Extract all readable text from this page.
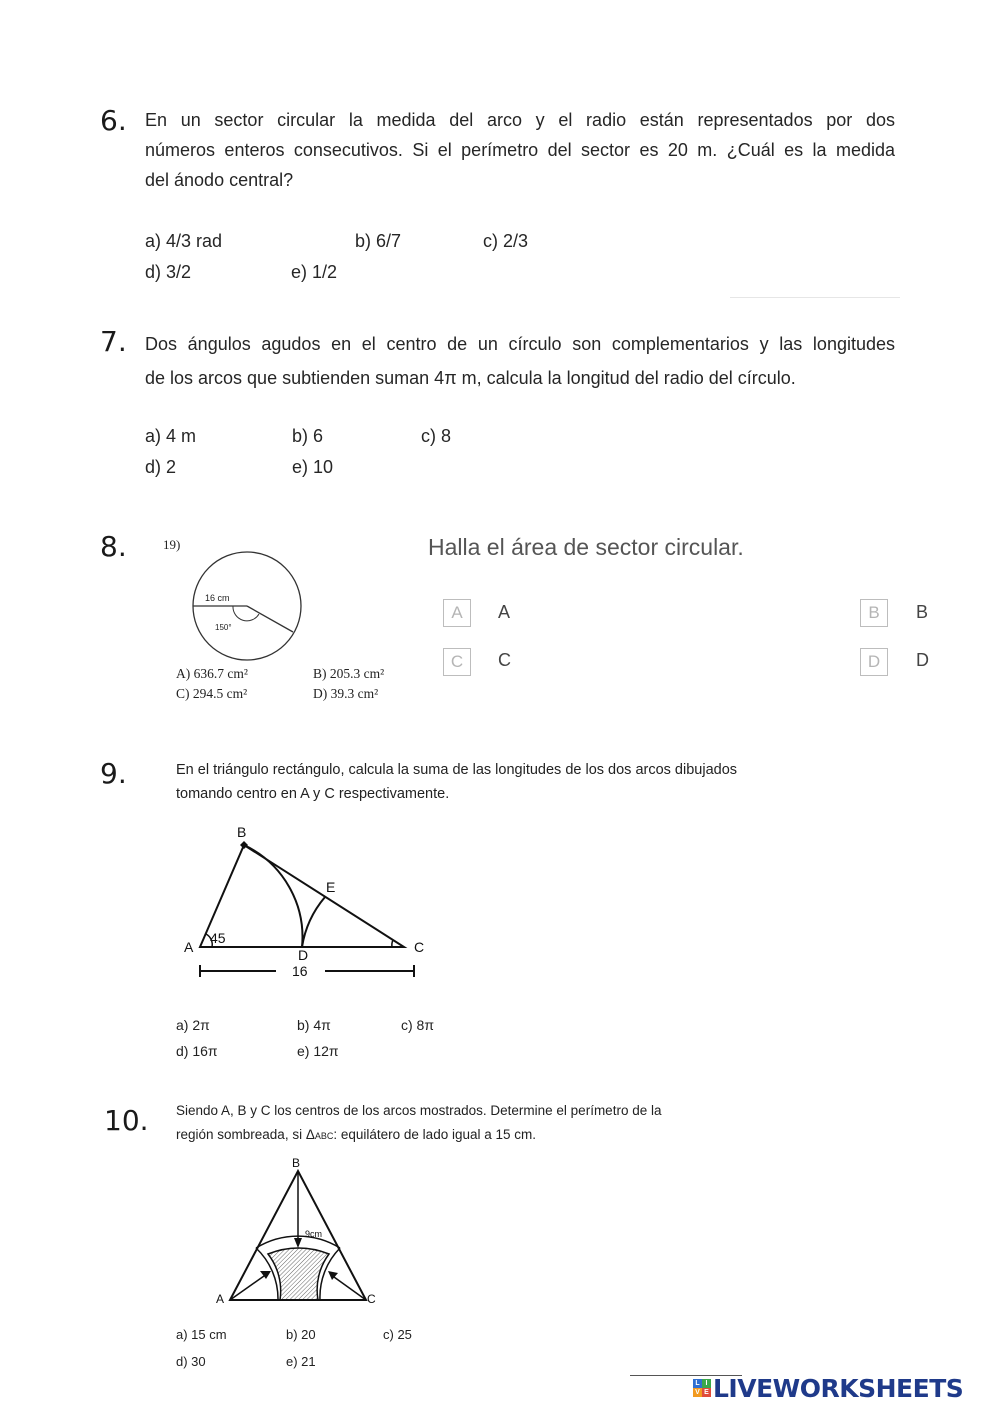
6. En un sector circular la medida del arco y el radio están representados por dos
números enteros consecutivos. Si el perímetro del sector es 20 m. ¿Cuál es la medida
del ánodo central?
a) 4/3 rad	b) 6/7	c) 2/3
d) 3/2	e) 1/2
7. Dos ángulos agudos en el centro de un círculo son complementarios y las longitudes
de los arcos que subtienden suman 4π m, calcula la longitud del radio del círculo.
a) 4 m	b) 6	c) 8
d) 2	e) 10
8.	19)
16 cm
150°
A) 636.7 cm²	B) 205.3 cm²
C) 294.5 cm²	D) 39.3 cm²
Halla el área de sector circular.
A	A	B	B
C	C	D	D
9.	En el triángulo rectángulo, calcula la suma de las longitudes de los dos arcos dibujados
tomando centro en A y C respectivamente.
B
E
A
45
D	C
16
a) 2π	b) 4π	c) 8π
d) 16π	e) 12π
10. Siendo A, B y C los centros de los arcos mostrados. Determine el perímetro de la
región sombreada, si ΔABC: equilátero de lado igual a 15 cm.
B
9cm
A	C
a) 15 cm	b) 20	c) 25
d) 30	e) 21
L I
V E LIVEWORKSHEETS
